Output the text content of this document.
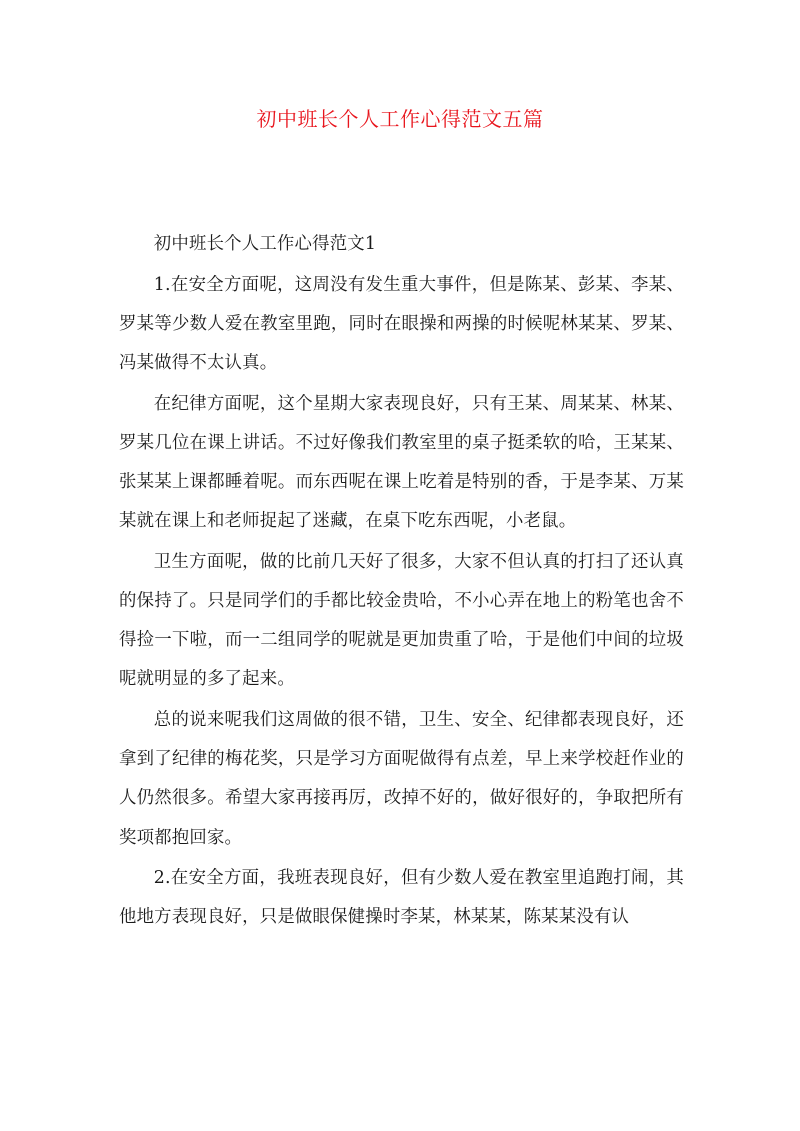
初中班长个人工作心得范文五篇

初中班长个人工作心得范文1

1.在安全方面呢，这周没有发生重大事件，但是陈某、彭某、李某、罗某等少数人爱在教室里跑，同时在眼操和两操的时候呢林某某、罗某、冯某做得不太认真。

在纪律方面呢，这个星期大家表现良好，只有王某、周某某、林某、罗某几位在课上讲话。不过好像我们教室里的桌子挺柔软的哈，王某某、张某某上课都睡着呢。而东西呢在课上吃着是特别的香，于是李某、万某某就在课上和老师捉起了迷藏，在桌下吃东西呢，小老鼠。

卫生方面呢，做的比前几天好了很多，大家不但认真的打扫了还认真的保持了。只是同学们的手都比较金贵哈，不小心弄在地上的粉笔也舍不得捡一下啦，而一二组同学的呢就是更加贵重了哈，于是他们中间的垃圾呢就明显的多了起来。

总的说来呢我们这周做的很不错，卫生、安全、纪律都表现良好，还拿到了纪律的梅花奖，只是学习方面呢做得有点差，早上来学校赶作业的人仍然很多。希望大家再接再厉，改掉不好的，做好很好的，争取把所有奖项都抱回家。

2.在安全方面，我班表现良好，但有少数人爱在教室里追跑打闹，其他地方表现良好，只是做眼保健操时李某，林某某，陈某某没有认
